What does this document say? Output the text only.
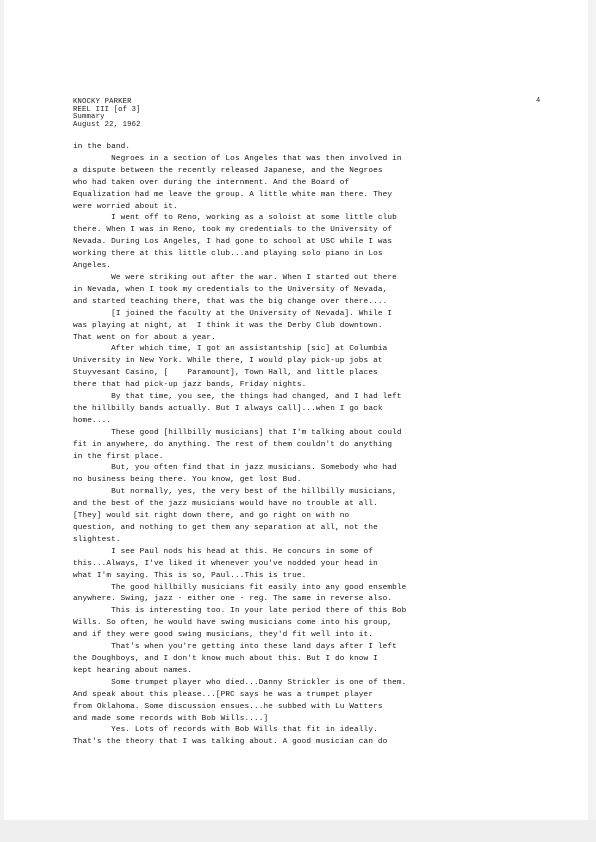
4
KNOCKY PARKER
REEL III [of 3]
Summary
August 22, 1962

in the band.

Negroes in a section of Los Angeles that was then involved in

a dispute between the recently released Japanese, and the Negroes

who had taken over during the internment. And the Board of

Equalization had me leave the group. A little white man there. They

were worried about it.

I went off to Reno, working as a soloist at some little club

there. When I was in Reno, took my credentials to the University of

Nevada. During Los Angeles, I had gone to school at USC while I was

working there at this little club...and playing solo piano in Los

Angeles.

We were striking out after the war. When I started out there

in Nevada, when I took my credentials to the University of Nevada,

and started teaching there, that was the big change over there....

[I joined the faculty at the University of Nevada]. While I

was playing at night, at  I think it was the Derby Club downtown.

That went on for about a year.

After which time, I got an assistantship [sic] at Columbia

University in New York. While there, I would play pick-up jobs at

Stuyvesant Casino, [    Paramount], Town Hall, and little places

there that had pick-up jazz bands, Friday nights.

By that time, you see, the things had changed, and I had left

the hillbilly bands actually. But I always call]...when I go back

home....

These good [hillbilly musicians] that I'm talking about could

fit in anywhere, do anything. The rest of them couldn't do anything

in the first place.

But, you often find that in jazz musicians. Somebody who had

no business being there. You know, get lost Bud.

But normally, yes, the very best of the hillbilly musicians,

and the best of the jazz musicians would have no trouble at all.

[They] would sit right down there, and go right on with no

question, and nothing to get them any separation at all, not the

slightest.

I see Paul nods his head at this. He concurs in some of

this...Always, I've liked it whenever you've nodded your head in

what I'm saying. This is so, Paul...This is true.

The good hillbilly musicians fit easily into any good ensemble

anywhere. Swing, jazz - either one - reg. The same in reverse also.

This is interesting too. In your late period there of this Bob

Wills. So often, he would have swing musicians come into his group,

and if they were good swing musicians, they'd fit well into it.

That's when you're getting into these land days after I left

the Doughboys, and I don't know much about this. But I do know I

kept hearing about names.

Some trumpet player who died...Danny Strickler is one of them.

And speak about this please...[PRC says he was a trumpet player

from Oklahoma. Some discussion ensues...he subbed with Lu Watters

and made some records with Bob Wills....]

Yes. Lots of records with Bob Wills that fit in ideally.

That's the theory that I was talking about. A good musician can do
